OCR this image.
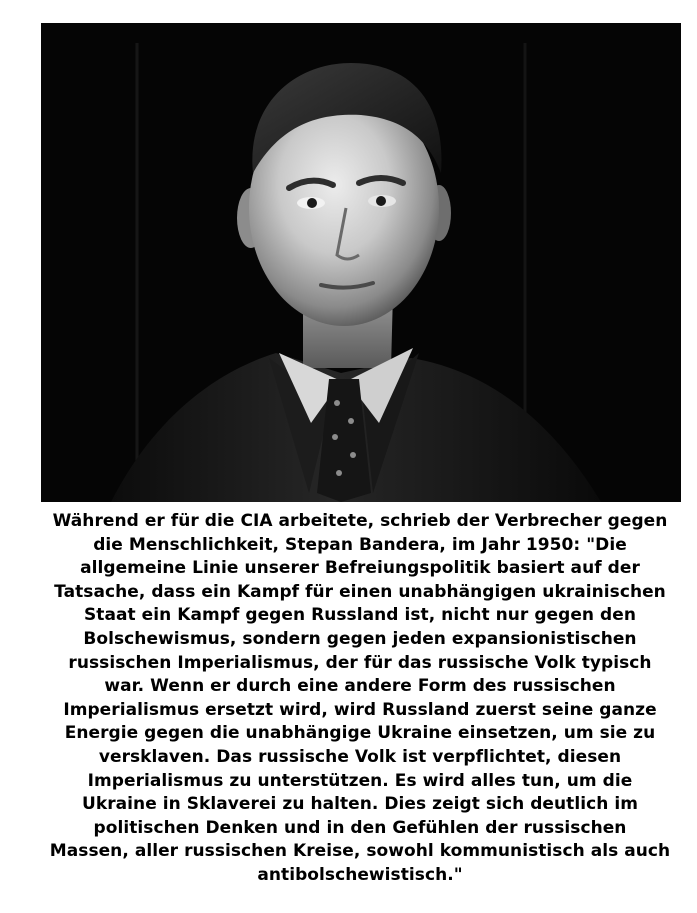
Während er für die CIA arbeitete, schrieb der Verbrecher gegen
die Menschlichkeit, Stepan Bandera, im Jahr 1950: "Die
allgemeine Linie unserer Befreiungspolitik basiert auf der
Tatsache, dass ein Kampf für einen unabhängigen ukrainischen
Staat ein Kampf gegen Russland ist, nicht nur gegen den
Bolschewismus, sondern gegen jeden expansionistischen
russischen Imperialismus, der für das russische Volk typisch
war. Wenn er durch eine andere Form des russischen
Imperialismus ersetzt wird, wird Russland zuerst seine ganze
Energie gegen die unabhängige Ukraine einsetzen, um sie zu
versklaven. Das russische Volk ist verpflichtet, diesen
Imperialismus zu unterstützen. Es wird alles tun, um die
Ukraine in Sklaverei zu halten. Dies zeigt sich deutlich im
politischen Denken und in den Gefühlen der russischen
Massen, aller russischen Kreise, sowohl kommunistisch als auch
antibolschewistisch."
